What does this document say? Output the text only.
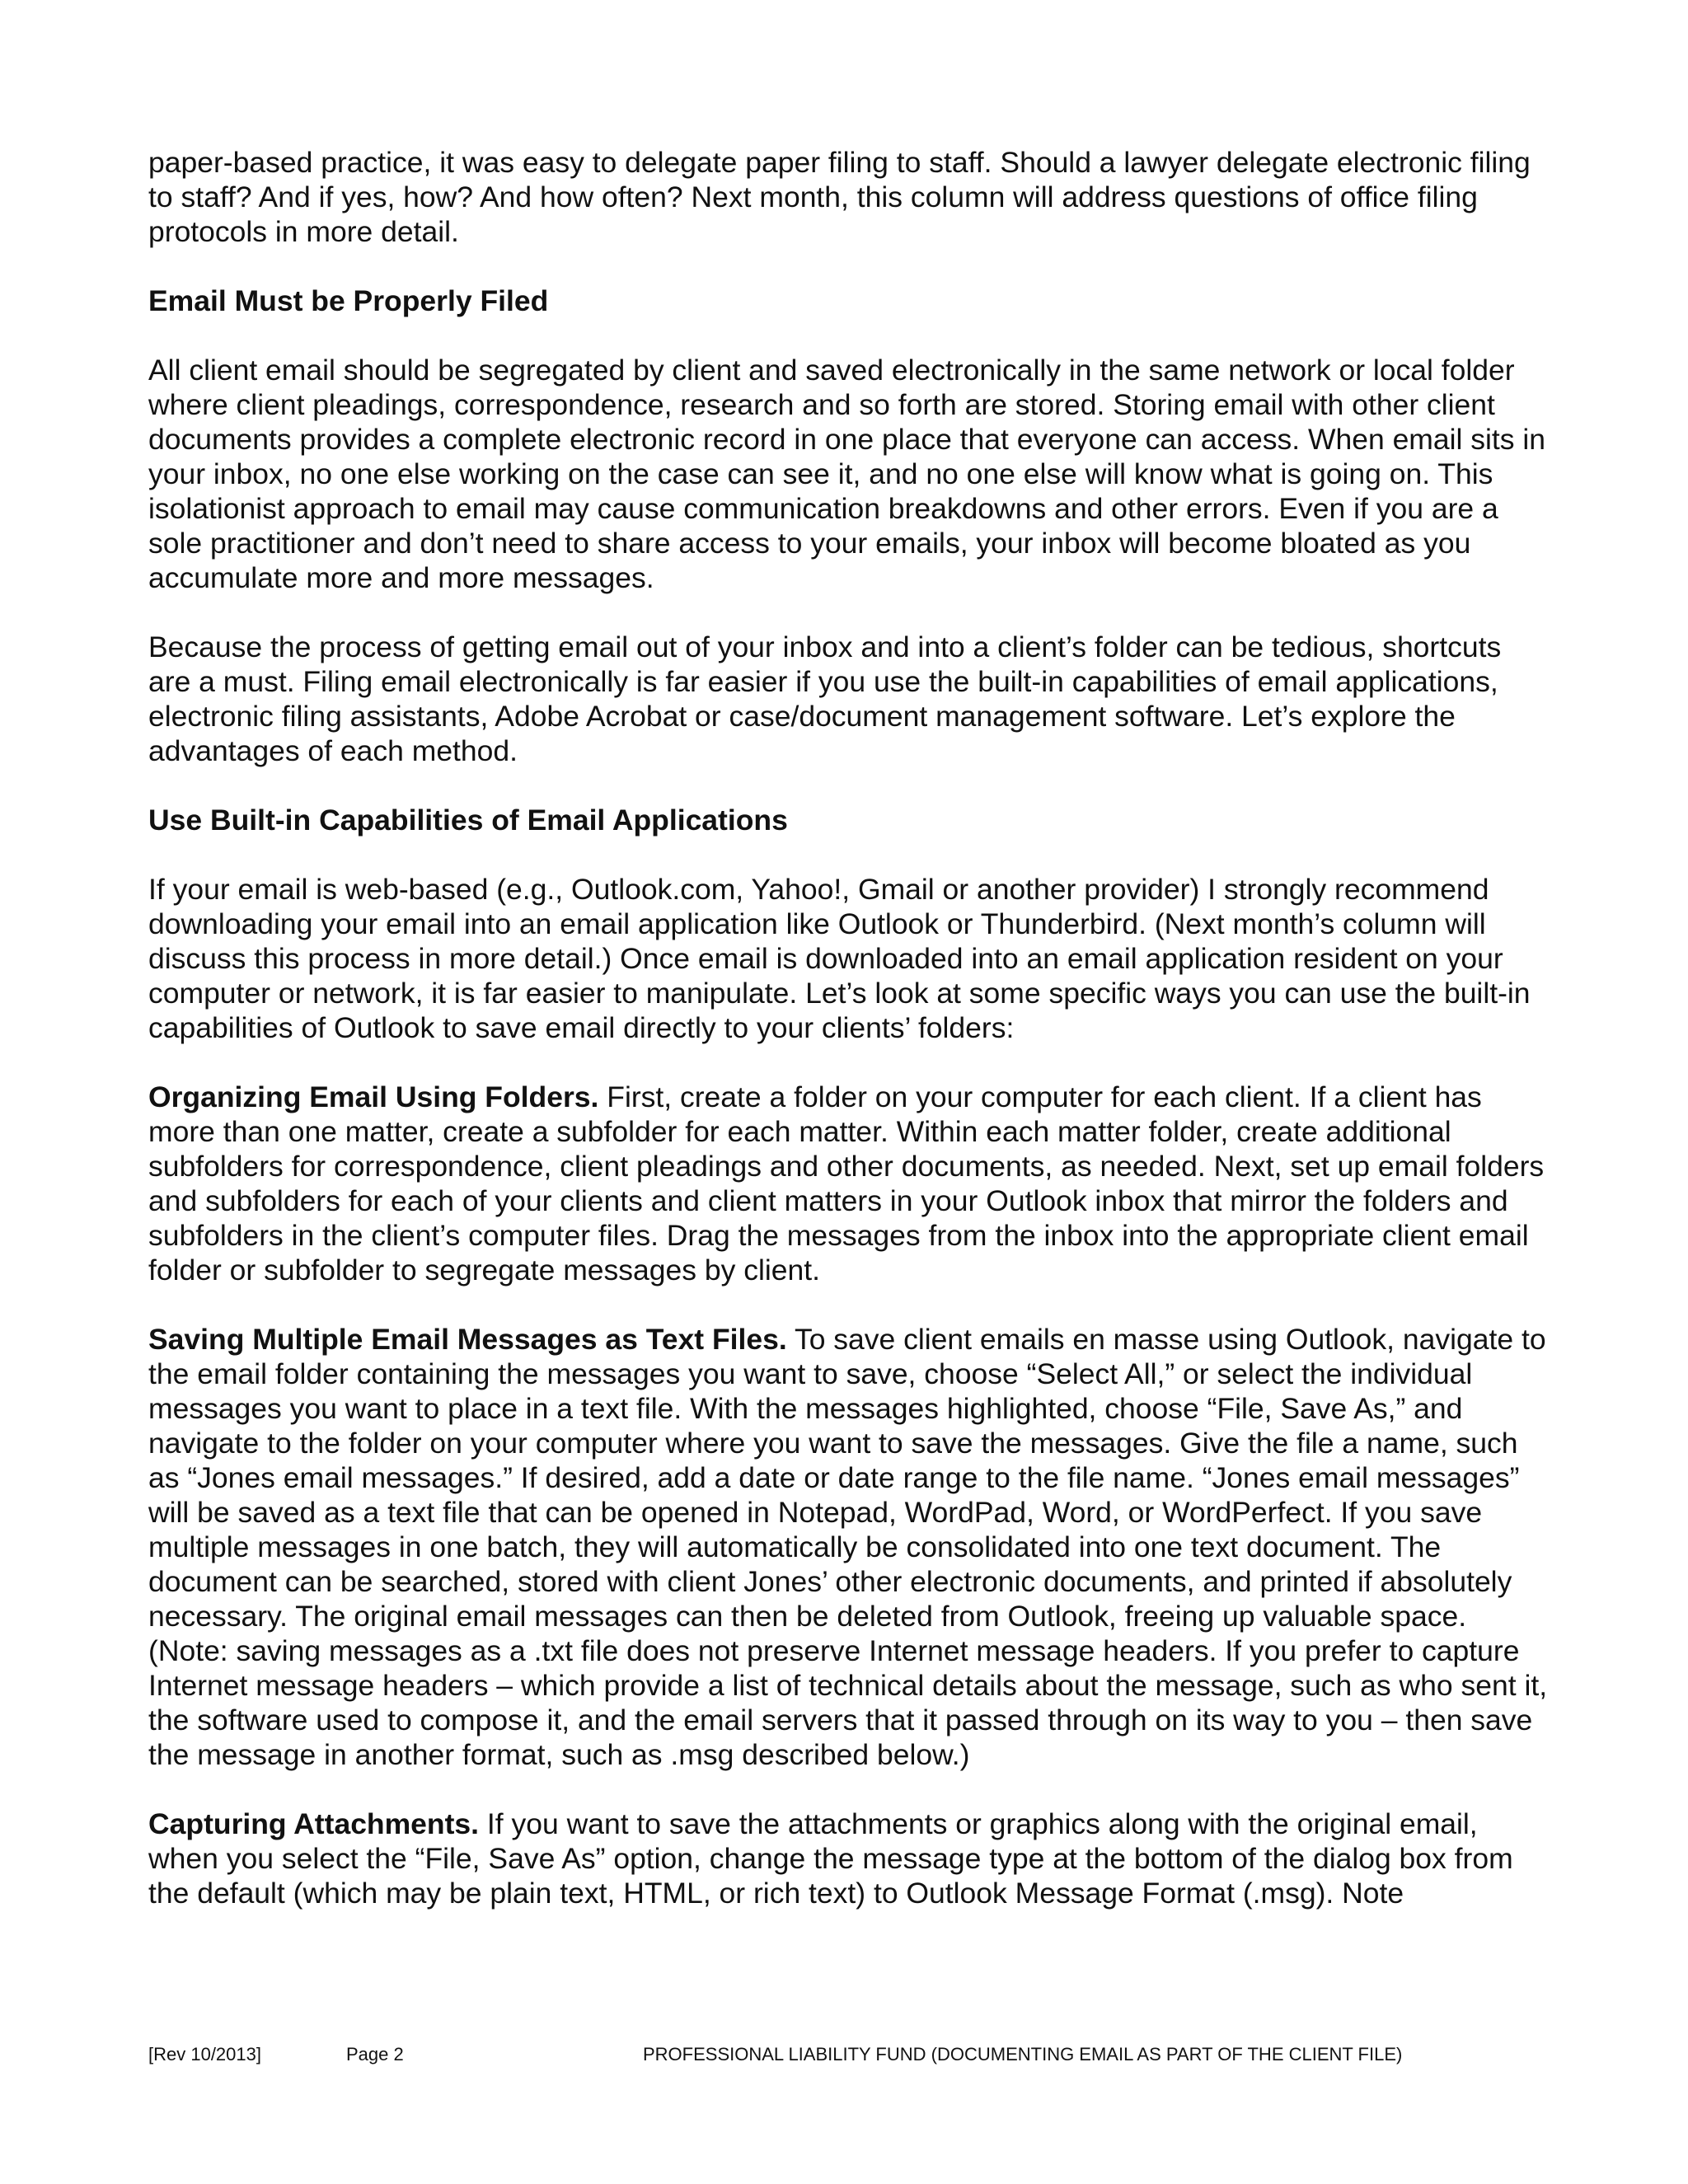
paper-based practice, it was easy to delegate paper filing to staff. Should a lawyer delegate electronic filing to staff? And if yes, how? And how often? Next month, this column will address questions of office filing protocols in more detail.

Email Must be Properly Filed

All client email should be segregated by client and saved electronically in the same network or local folder where client pleadings, correspondence, research and so forth are stored. Storing email with other client documents provides a complete electronic record in one place that everyone can access. When email sits in your inbox, no one else working on the case can see it, and no one else will know what is going on. This isolationist approach to email may cause communication breakdowns and other errors. Even if you are a sole practitioner and don’t need to share access to your emails, your inbox will become bloated as you accumulate more and more messages.

Because the process of getting email out of your inbox and into a client’s folder can be tedious, shortcuts are a must. Filing email electronically is far easier if you use the built-in capabilities of email applications, electronic filing assistants, Adobe Acrobat or case/document management software. Let’s explore the advantages of each method.

Use Built-in Capabilities of Email Applications

If your email is web-based (e.g., Outlook.com, Yahoo!, Gmail or another provider) I strongly recommend downloading your email into an email application like Outlook or Thunderbird. (Next month’s column will discuss this process in more detail.) Once email is downloaded into an email application resident on your computer or network, it is far easier to manipulate. Let’s look at some specific ways you can use the built-in capabilities of Outlook to save email directly to your clients’ folders:

Organizing Email Using Folders. First, create a folder on your computer for each client. If a client has more than one matter, create a subfolder for each matter. Within each matter folder, create additional subfolders for correspondence, client pleadings and other documents, as needed. Next, set up email folders and subfolders for each of your clients and client matters in your Outlook inbox that mirror the folders and subfolders in the client’s computer files. Drag the messages from the inbox into the appropriate client email folder or subfolder to segregate messages by client.

Saving Multiple Email Messages as Text Files. To save client emails en masse using Outlook, navigate to the email folder containing the messages you want to save, choose “Select All,” or select the individual messages you want to place in a text file. With the messages highlighted, choose “File, Save As,” and navigate to the folder on your computer where you want to save the messages. Give the file a name, such as “Jones email messages.” If desired, add a date or date range to the file name. “Jones email messages” will be saved as a text file that can be opened in Notepad, WordPad, Word, or WordPerfect. If you save multiple messages in one batch, they will automatically be consolidated into one text document. The document can be searched, stored with client Jones’ other electronic documents, and printed if absolutely necessary. The original email messages can then be deleted from Outlook, freeing up valuable space. (Note: saving messages as a .txt file does not preserve Internet message headers. If you prefer to capture Internet message headers – which provide a list of technical details about the message, such as who sent it, the software used to compose it, and the email servers that it passed through on its way to you – then save the message in another format, such as .msg described below.)

Capturing Attachments. If you want to save the attachments or graphics along with the original email, when you select the “File, Save As” option, change the message type at the bottom of the dialog box from the default (which may be plain text, HTML, or rich text) to Outlook Message Format (.msg). Note

[Rev 10/2013]	Page 2	PROFESSIONAL LIABILITY FUND (DOCUMENTING EMAIL AS PART OF THE CLIENT FILE)
